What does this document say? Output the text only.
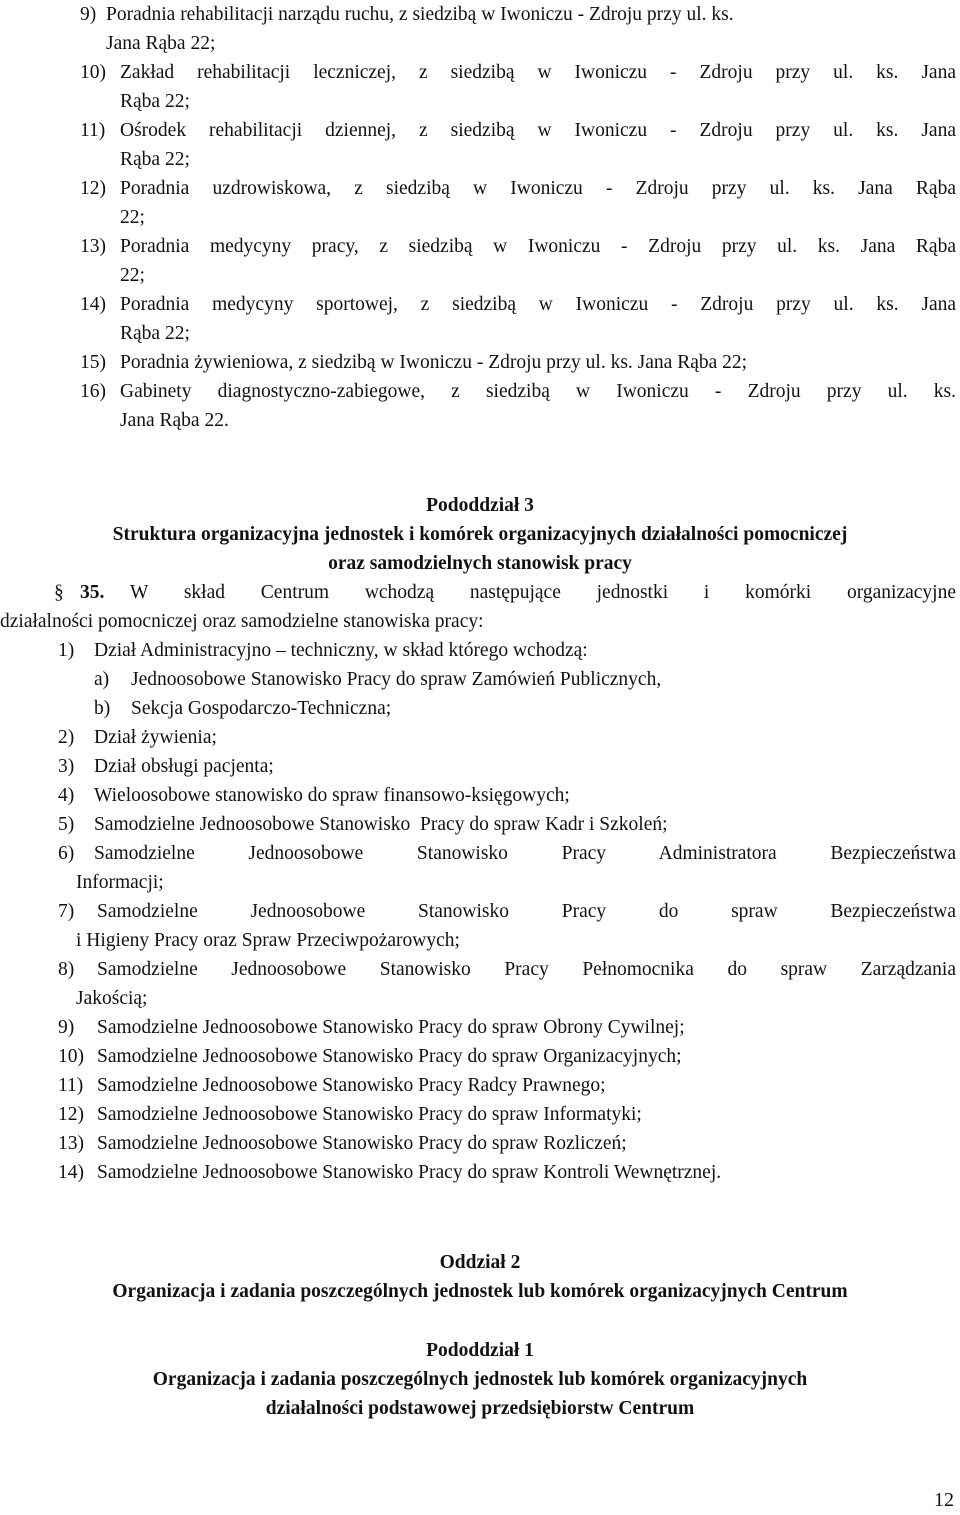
9) Poradnia rehabilitacji narządu ruchu, z siedzibą w Iwoniczu - Zdroju przy ul. ks.
Jana Rąba 22;
10) Zakład rehabilitacji leczniczej, z siedzibą w Iwoniczu - Zdroju przy ul. ks. Jana
Rąba 22;
11) Ośrodek rehabilitacji dziennej, z siedzibą w Iwoniczu - Zdroju przy ul. ks. Jana
Rąba 22;
12) Poradnia uzdrowiskowa, z siedzibą w Iwoniczu - Zdroju przy ul. ks. Jana Rąba
22;
13) Poradnia medycyny pracy, z siedzibą w Iwoniczu - Zdroju przy ul. ks. Jana Rąba
22;
14) Poradnia medycyny sportowej, z siedzibą w Iwoniczu - Zdroju przy ul. ks. Jana
Rąba 22;
15) Poradnia żywieniowa, z siedzibą w Iwoniczu - Zdroju przy ul. ks. Jana Rąba 22;
16) Gabinety diagnostyczno-zabiegowe, z siedzibą w Iwoniczu - Zdroju przy ul. ks.
Jana Rąba 22.
Pododdział 3
Struktura organizacyjna jednostek i komórek organizacyjnych działalności pomocniczej
oraz samodzielnych stanowisk pracy
§ 35. W skład Centrum wchodzą następujące jednostki i komórki organizacyjne
działalności pomocniczej oraz samodzielne stanowiska pracy:
1) Dział Administracyjno – techniczny, w skład którego wchodzą:
a) Jednoosobowe Stanowisko Pracy do spraw Zamówień Publicznych,
b) Sekcja Gospodarczo-Techniczna;
2) Dział żywienia;
3) Dział obsługi pacjenta;
4) Wieloosobowe stanowisko do spraw finansowo-księgowych;
5) Samodzielne Jednoosobowe Stanowisko  Pracy do spraw Kadr i Szkoleń;
6) Samodzielne Jednoosobowe Stanowisko Pracy Administratora Bezpieczeństwa
Informacji;
7) Samodzielne Jednoosobowe Stanowisko Pracy do spraw Bezpieczeństwa
i Higieny Pracy oraz Spraw Przeciwpożarowych;
8) Samodzielne Jednoosobowe Stanowisko Pracy Pełnomocnika do spraw Zarządzania
Jakością;
9) Samodzielne Jednoosobowe Stanowisko Pracy do spraw Obrony Cywilnej;
10) Samodzielne Jednoosobowe Stanowisko Pracy do spraw Organizacyjnych;
11) Samodzielne Jednoosobowe Stanowisko Pracy Radcy Prawnego;
12) Samodzielne Jednoosobowe Stanowisko Pracy do spraw Informatyki;
13) Samodzielne Jednoosobowe Stanowisko Pracy do spraw Rozliczeń;
14) Samodzielne Jednoosobowe Stanowisko Pracy do spraw Kontroli Wewnętrznej.
Oddział 2
Organizacja i zadania poszczególnych jednostek lub komórek organizacyjnych Centrum
Pododdział 1
Organizacja i zadania poszczególnych jednostek lub komórek organizacyjnych
działalności podstawowej przedsiębiorstw Centrum
12
